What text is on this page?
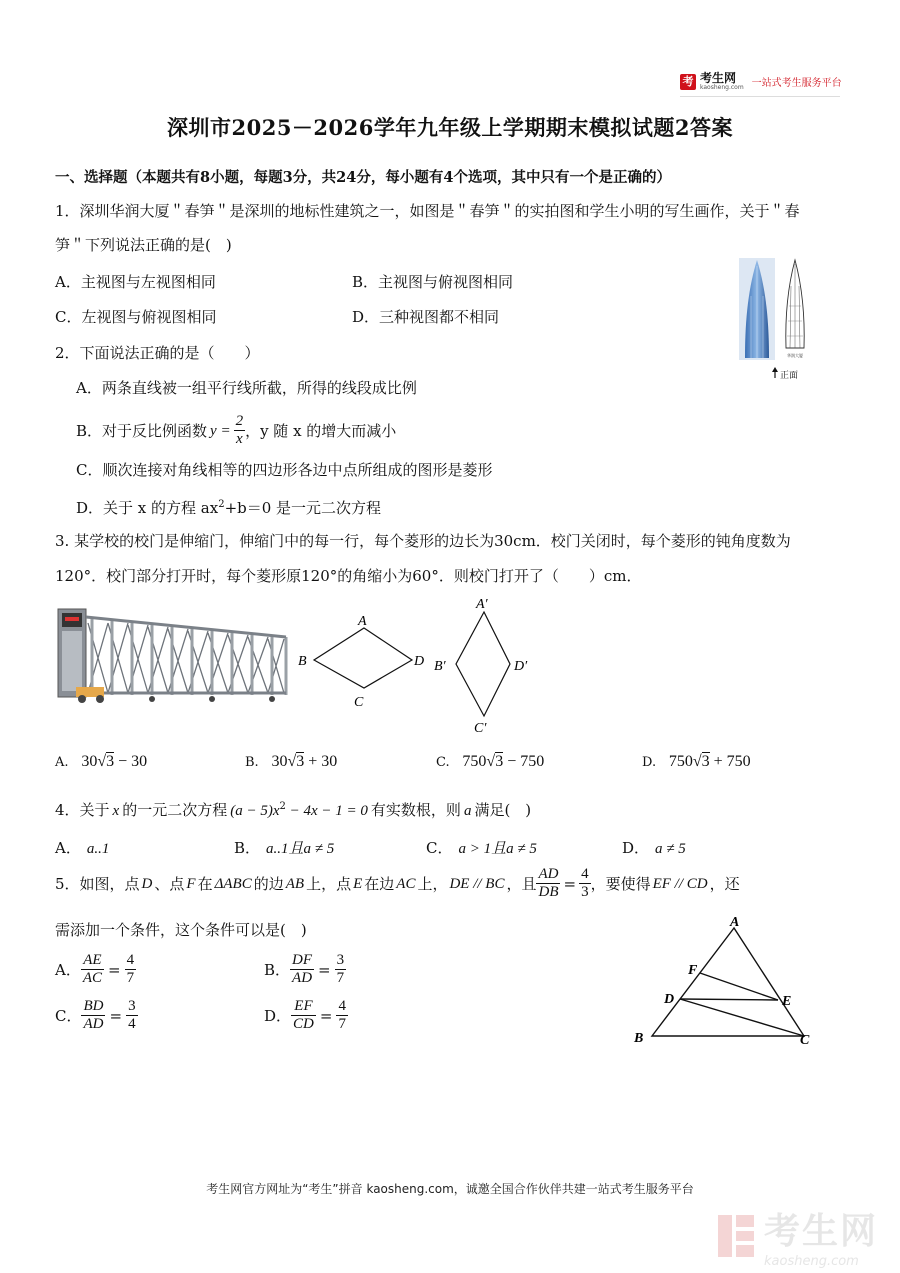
考 考生网
kaosheng.com 一站式考生服务平台
深圳市2025－2026学年九年级上学期期末模拟试题2答案
一、选择题（本题共有8小题，每题3分，共24分，每小题有4个选项，其中只有一个是正确的）
1．深圳华润大厦＂春笋＂是深圳的地标性建筑之一，如图是＂春笋＂的实拍图和学生小明的写生画作，关于＂春
笋＂下列说法正确的是(　)
A．主视图与左视图相同	B．主视图与俯视图相同
C．左视图与俯视图相同	D．三种视图都不相同
华润大厦
正面
2．下面说法正确的是（　　）
A．两条直线被一组平行线所截，所得的线段成比例
B．对于反比例函数 $y = \frac{2}{x}$ ，y 随 x 的增大而减小
C．顺次连接对角线相等的四边形各边中点所组成的图形是菱形
D．关于 x 的方程 $ax^2+b=0$ 是一元二次方程
3. 某学校的校门是伸缩门，伸缩门中的每一行，每个菱形的边长为30cm．校门关闭时，每个菱形的钝角度数为
120°．校门部分打开时，每个菱形原120°的角缩小为60°．则校门打开了（　　）cm．
A
B
C
D
A′
B′
C′
D′
A. 30√3 − 30	B. 30√3 + 30	C. 750√3 − 750	D. 750√3 + 750
4．关于 x 的一元二次方程 $(a - 5)x^2 - 4x - 1 = 0$ 有实数根，则 a 满足(　)
A． a..1	B． a..1且a ≠ 5	C． a > 1且a ≠ 5	D． a ≠ 5
5．如图，点 D 、点 F 在 ΔABC 的边 AB 上，点 E 在边 AC 上， DE // BC ，且 $\frac{AD}{DB} = \frac{4}{3}$ ，要使得 EF // CD ，还
需添加一个条件，这个条件可以是(　)
A． $\frac{AE}{AC} = \frac{4}{7}$	B． $\frac{DF}{AD} = \frac{3}{7}$
C． $\frac{BD}{AD} = \frac{3}{4}$	D． $\frac{EF}{CD} = \frac{4}{7}$
A
F
D	E
B	C
考生网官方网址为“考生”拼音 kaosheng.com，诚邀全国合作伙伴共建一站式考生服务平台
考生网
kaosheng.com
